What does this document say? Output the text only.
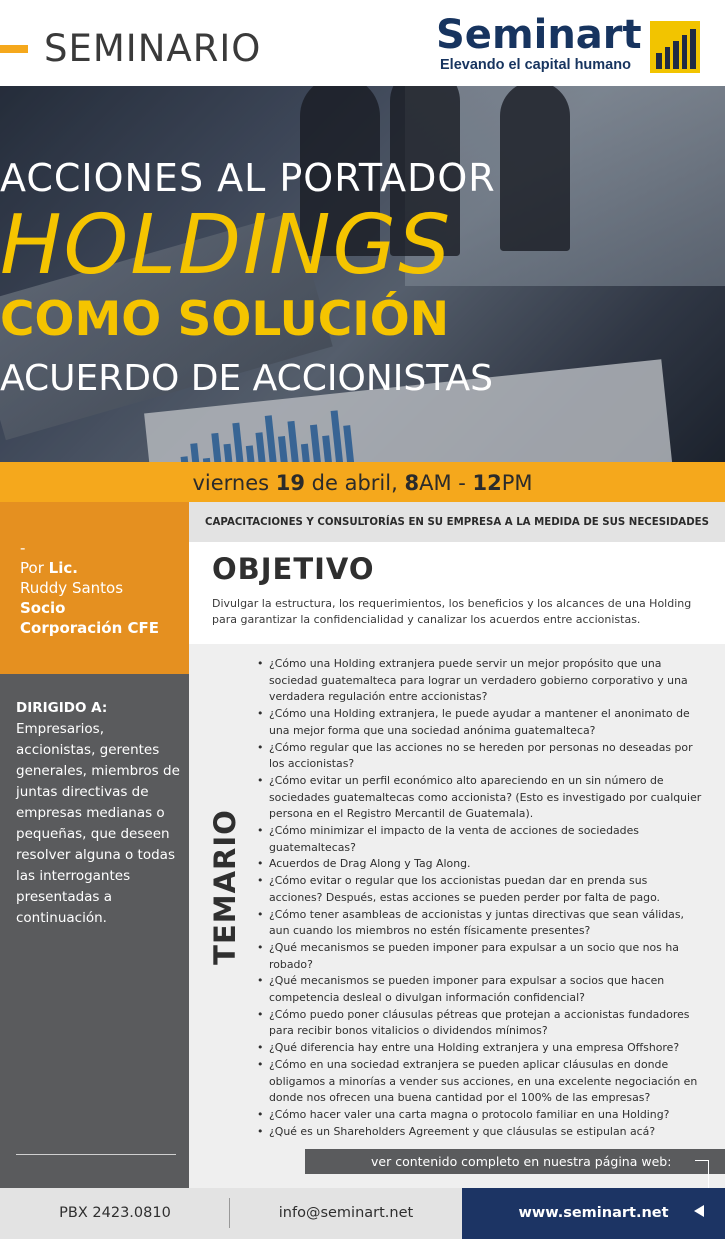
SEMINARIO	Seminart
Elevando el capital humano
ACCIONES AL PORTADOR
HOLDINGS
COMO SOLUCIÓN
ACUERDO DE ACCIONISTAS
viernes 19 de abril, 8AM - 12PM
-
Por Lic.
Ruddy Santos
Socio
Corporación CFE
DIRIGIDO A:
Empresarios, accionistas, gerentes generales, miembros de juntas directivas de empresas medianas o pequeñas, que deseen resolver alguna o todas las interrogantes presentadas a continuación.
CAPACITACIONES Y CONSULTORÍAS EN SU EMPRESA A LA MEDIDA DE SUS NECESIDADES
OBJETIVO

Divulgar la estructura, los requerimientos, los beneficios y los alcances de una Holding para garantizar la confidencialidad y canalizar los acuerdos entre accionistas.

TEMARIO
• ¿Cómo una Holding extranjera puede servir un mejor propósito que una sociedad guatemalteca para lograr un verdadero gobierno corporativo y una verdadera regulación entre accionistas?
• ¿Cómo una Holding extranjera, le puede ayudar a mantener el anonimato de una mejor forma que una sociedad anónima guatemalteca?
• ¿Cómo regular que las acciones no se hereden por personas no deseadas por los accionistas?
• ¿Cómo evitar un perfil económico alto apareciendo en un sin número de sociedades guatemaltecas como accionista? (Esto es investigado por cualquier persona en el Registro Mercantil de Guatemala).
• ¿Cómo minimizar el impacto de la venta de acciones de sociedades guatemaltecas?
• Acuerdos de Drag Along y Tag Along.
• ¿Cómo evitar o regular que los accionistas puedan dar en prenda sus acciones? Después, estas acciones se pueden perder por falta de pago.
• ¿Cómo tener asambleas de accionistas y juntas directivas que sean válidas, aun cuando los miembros no estén físicamente presentes?
• ¿Qué mecanismos se pueden imponer para expulsar a un socio que nos ha robado?
• ¿Qué mecanismos se pueden imponer para expulsar a socios que hacen competencia desleal o divulgan información confidencial?
• ¿Cómo puedo poner cláusulas pétreas que protejan a accionistas fundadores para recibir bonos vitalicios o dividendos mínimos?
• ¿Qué diferencia hay entre una Holding extranjera y una empresa Offshore?
• ¿Cómo en una sociedad extranjera se pueden aplicar cláusulas en donde obligamos a minorías a vender sus acciones, en una excelente negociación en donde nos ofrecen una buena cantidad por el 100% de las empresas?
• ¿Cómo hacer valer una carta magna o protocolo familiar en una Holding?
• ¿Qué es un Shareholders Agreement y que cláusulas se estipulan acá?
ver contenido completo en nuestra página web:
PBX 2423.0810	info@seminart.net	www.seminart.net
